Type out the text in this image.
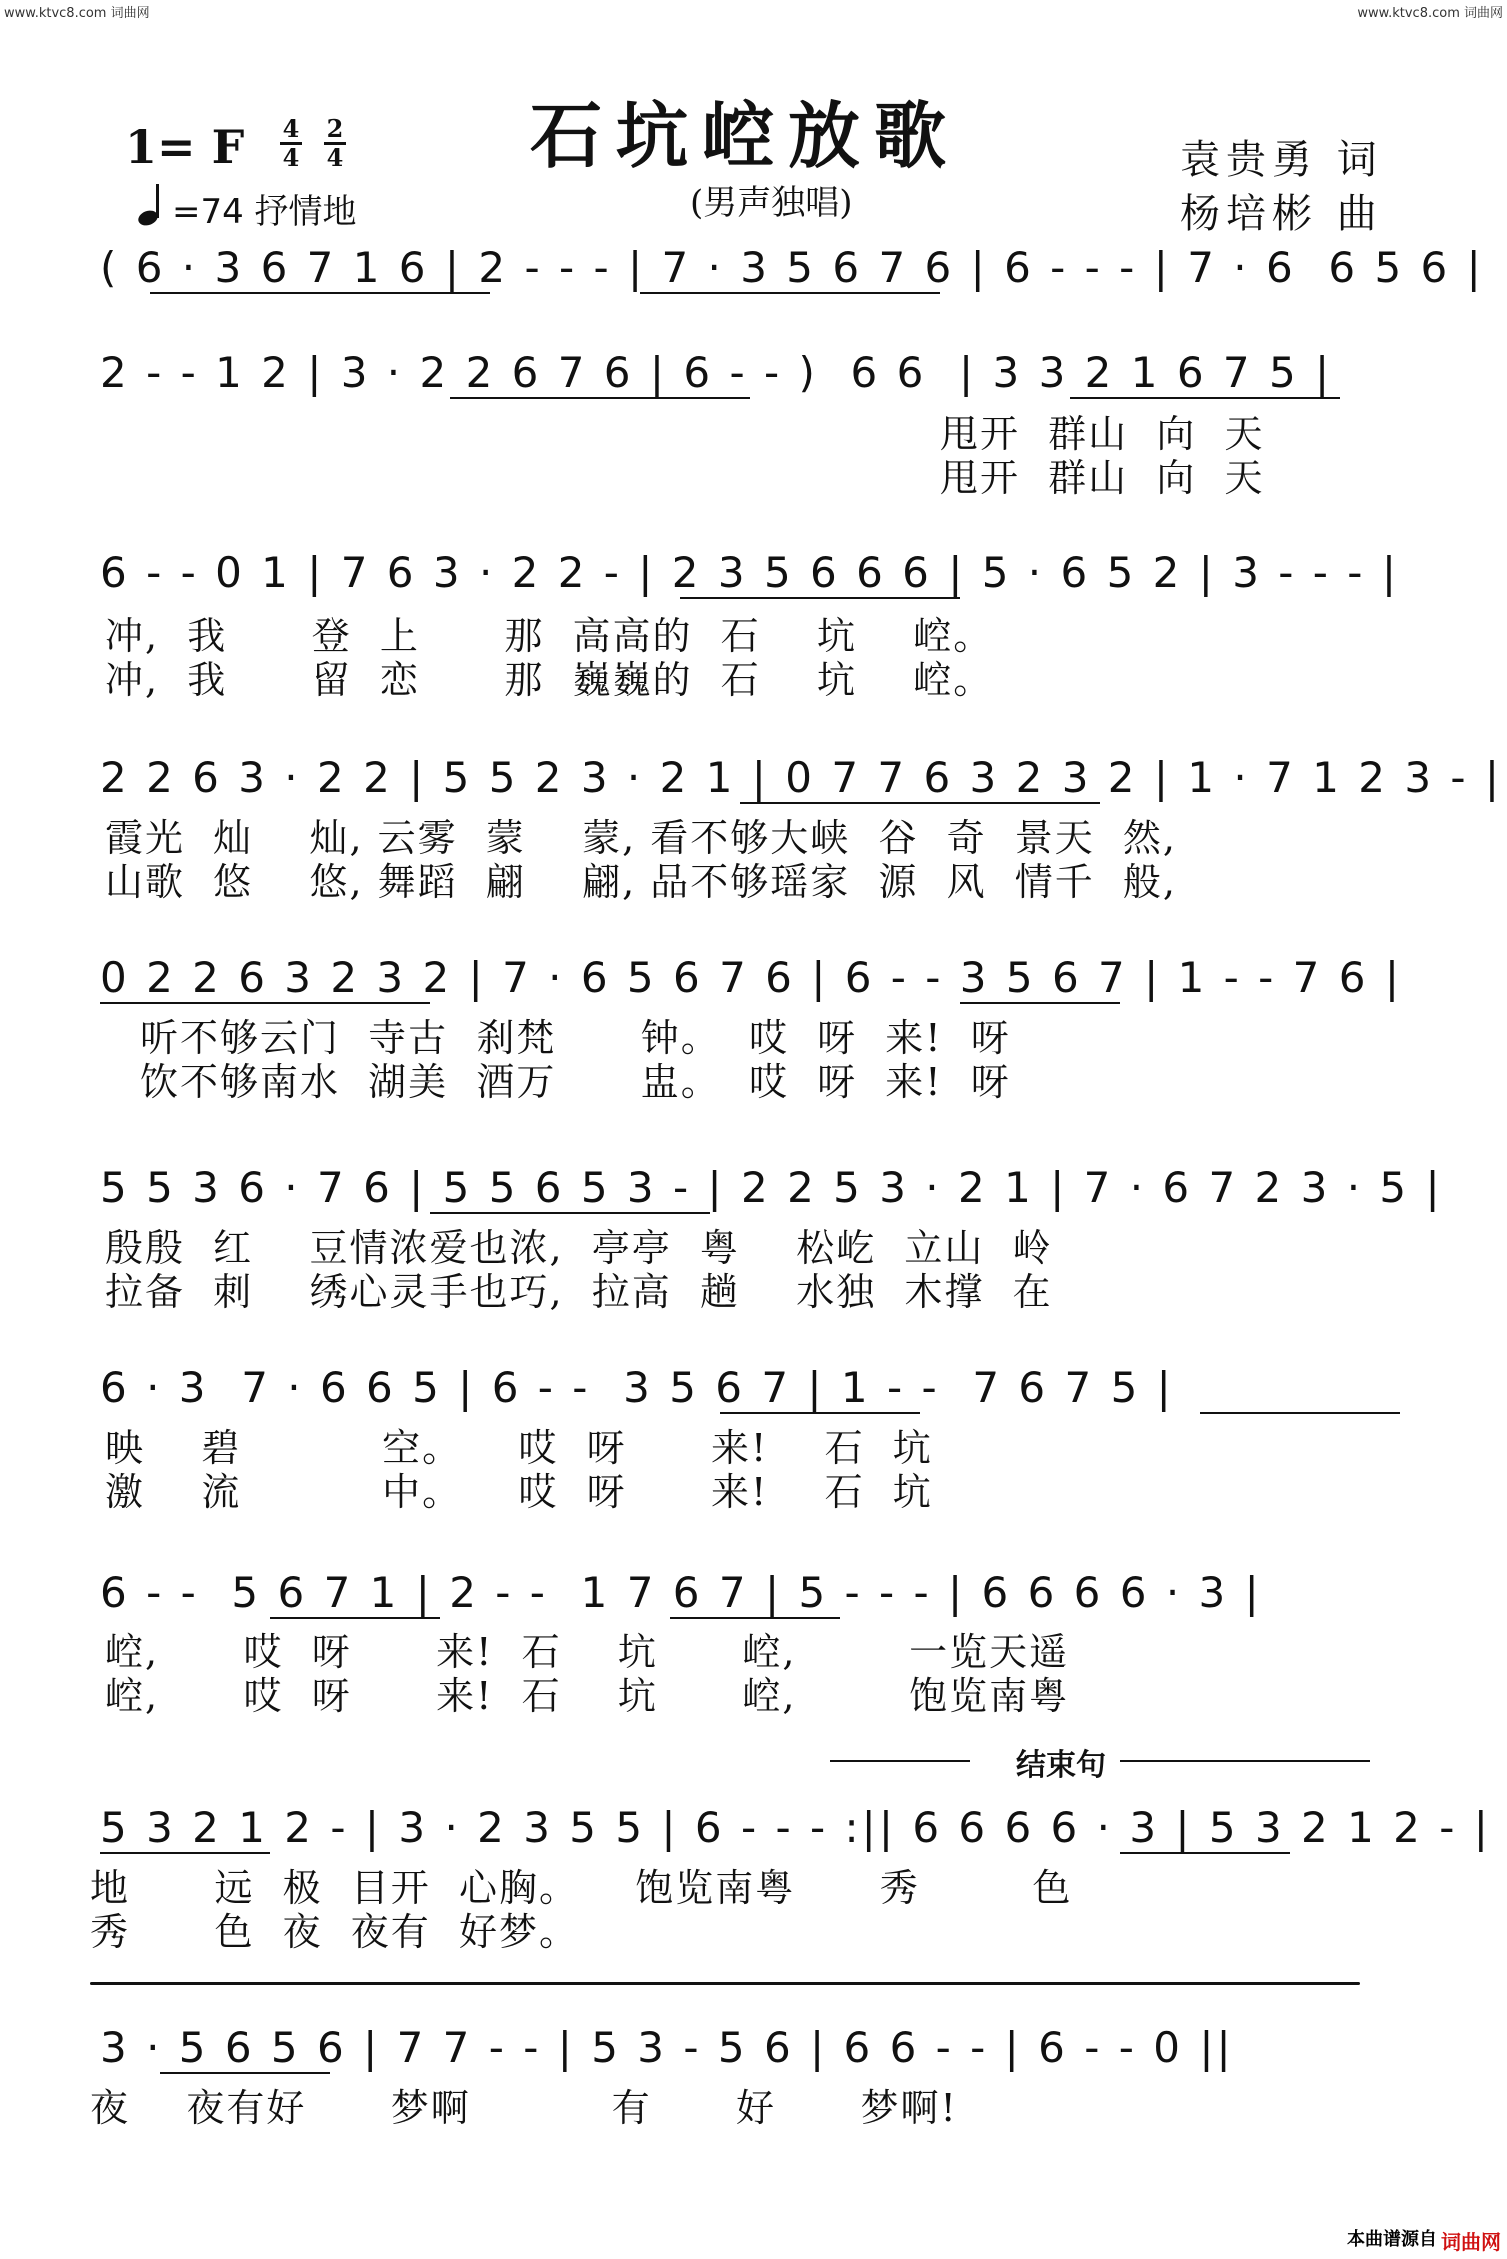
www.ktvc8.com 词曲网	www.ktvc8.com 词曲网
1= F 4
4
2
4
=74 抒情地
石坑崆放歌
(男声独唱)
袁贵勇 词
杨培彬 曲
( 6 · 3 6 7 1 6 | 2 - - - | 7 · 3 5 6 7 6 | 6 - - - | 7 · 6  6 5 6 |
2 - - 1 2 | 3 · 2 2 6 7 6 | 6 - - )  6 6  | 3 3 2 1 6 7 5 |
甩开  群山  向  天
甩开  群山  向  天
6 - - 0 1 | 7 6 3 · 2 2 - | 2 3 5 6 6 6 | 5 · 6 5 2 | 3 - - - |
冲,  我      登  上      那  高高的  石    坑    崆。
冲,  我      留  恋      那  巍巍的  石    坑    崆。
2 2 6 3 · 2 2 | 5 5 2 3 · 2 1 | 0 7 7 6 3 2 3 2 | 1 · 7 1 2 3 - |
霞光  灿    灿, 云雾  蒙    蒙, 看不够大峡  谷  奇  景天  然,
山歌  悠    悠, 舞蹈  翩    翩, 品不够瑶家  源  风  情千  般,
0 2 2 6 3 2 3 2 | 7 · 6 5 6 7 6 | 6 - - 3 5 6 7 | 1 - - 7 6 |
听不够云门  寺古  刹梵      钟。  哎  呀  来!  呀
饮不够南水  湖美  酒万      盅。  哎  呀  来!  呀
5 5 3 6 · 7 6 | 5 5 6 5 3 - | 2 2 5 3 · 2 1 | 7 · 6 7 2 3 · 5 |
殷殷  红    豆情浓爱也浓,  亭亭  粤    松屹  立山  岭
拉备  刺    绣心灵手也巧,  拉高  趟    水独  木撑  在
6 · 3  7 · 6 6 5 | 6 - -  3 5 6 7 | 1 - -  7 6 7 5 |
映    碧          空。    哎  呀      来!    石  坑
激    流          中。    哎  呀      来!    石  坑
6 - -  5 6 7 1 | 2 - -  1 7 6 7 | 5 - - - | 6 6 6 6 · 3 |
崆,      哎  呀      来!  石    坑      崆,        一览天遥
崆,      哎  呀      来!  石    坑      崆,        饱览南粤
结束句
5 3 2 1 2 - | 3 · 2 3 5 5 | 6 - - - :|| 6 6 6 6 · 3 | 5 3 2 1 2 - |
地      远  极  目开  心胸。    饱览南粤      秀        色
秀      色  夜  夜有  好梦。
3 · 5 6 5 6 | 7 7 - - | 5 3 - 5 6 | 6 6 - - | 6 - - 0 ||
夜    夜有好      梦啊          有      好      梦啊!
本曲谱源自 词曲网
